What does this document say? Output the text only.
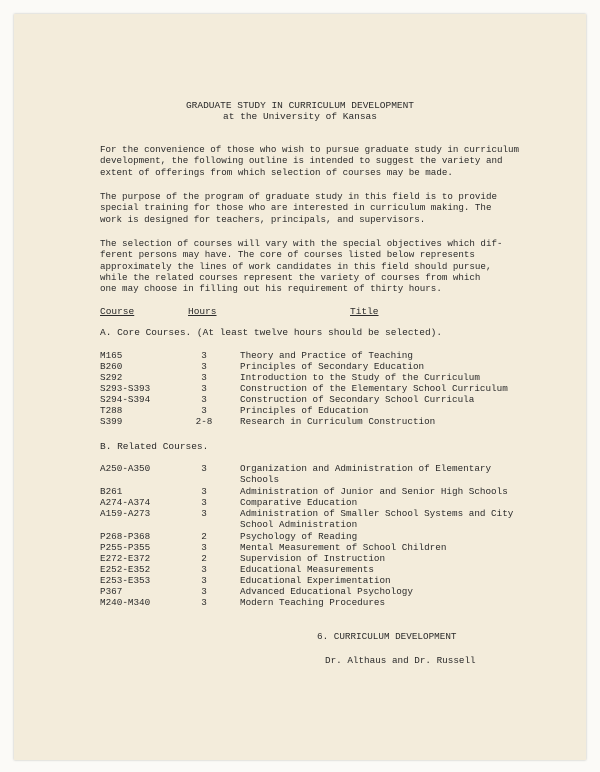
GRADUATE STUDY IN CURRICULUM DEVELOPMENT
at the University of Kansas

For the convenience of those who wish to pursue graduate study in curriculum
development, the following outline is intended to suggest the variety and
extent of offerings from which selection of courses may be made.

The purpose of the program of graduate study in this field is to provide
special training for those who are interested in curriculum making. The
work is designed for teachers, principals, and supervisors.

The selection of courses will vary with the special objectives which dif-
ferent persons may have. The core of courses listed below represents
approximately the lines of work candidates in this field should pursue,
while the related courses represent the variety of courses from which
one may choose in filling out his requirement of thirty hours.

Course	Hours	Title
A. Core Courses. (At least twelve hours should be selected).
M165	3	Theory and Practice of Teaching
B260	3	Principles of Secondary Education
S292	3	Introduction to the Study of the Curriculum
S293-S393	3	Construction of the Elementary School Curriculum
S294-S394	3	Construction of Secondary School Curricula
T288	3	Principles of Education
S399	2-8	Research in Curriculum Construction
B. Related Courses.
A250-A350	3	Organization and Administration of Elementary Schools
B261	3	Administration of Junior and Senior High Schools
A274-A374	3	Comparative Education
A159-A273	3	Administration of Smaller School Systems and City School Administration
P268-P368	2	Psychology of Reading
P255-P355	3	Mental Measurement of School Children
E272-E372	2	Supervision of Instruction
E252-E352	3	Educational Measurements
E253-E353	3	Educational Experimentation
P367	3	Advanced Educational Psychology
M240-M340	3	Modern Teaching Procedures
6. CURRICULUM DEVELOPMENT
Dr. Althaus and Dr. Russell
